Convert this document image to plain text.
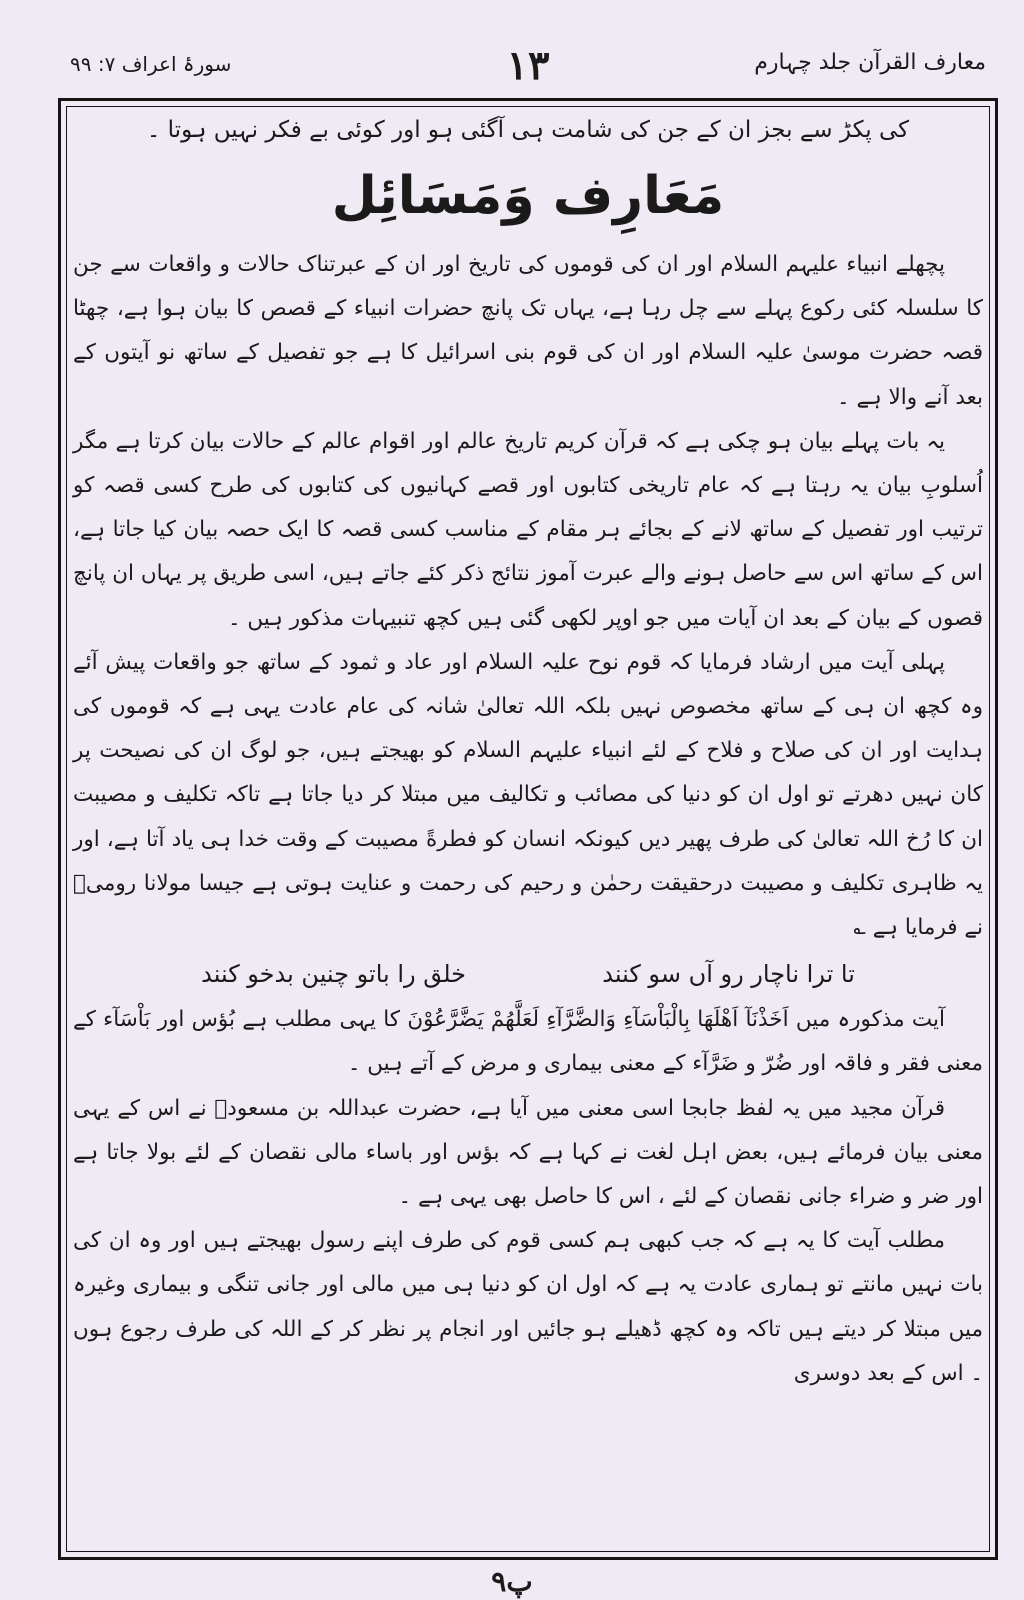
معارف القرآن جلد چہارم
۱۳
سورۂ اعراف ۷: ۹۹

کی پکڑ سے بجز ان کے جن کی شامت ہی آگئی ہو اور کوئی بے فکر نہیں ہوتا ۔

مَعَارِف وَمَسَائِل

پچھلے انبیاء علیہم السلام اور ان کی قوموں کی تاریخ اور ان کے عبرتناک حالات و واقعات سے جن کا سلسلہ کئی رکوع پہلے سے چل رہا ہے، یہاں تک پانچ حضرات انبیاء کے قصص کا بیان ہوا ہے، چھٹا قصہ حضرت موسیٰ علیہ السلام اور ان کی قوم بنی اسرائیل کا ہے جو تفصیل کے ساتھ نو آیتوں کے بعد آنے والا ہے ۔

یہ بات پہلے بیان ہو چکی ہے کہ قرآن کریم تاریخ عالم اور اقوام عالم کے حالات بیان کرتا ہے مگر اُسلوبِ بیان یہ رہتا ہے کہ عام تاریخی کتابوں اور قصے کہانیوں کی کتابوں کی طرح کسی قصہ کو ترتیب اور تفصیل کے ساتھ لانے کے بجائے ہر مقام کے مناسب کسی قصہ کا ایک حصہ بیان کیا جاتا ہے، اس کے ساتھ اس سے حاصل ہونے والے عبرت آموز نتائج ذکر کئے جاتے ہیں، اسی طریق پر یہاں ان پانچ قصوں کے بیان کے بعد ان آیات میں جو اوپر لکھی گئی ہیں کچھ تنبیہات مذکور ہیں ۔

پہلی آیت میں ارشاد فرمایا کہ قوم نوح علیہ السلام اور عاد و ثمود کے ساتھ جو واقعات پیش آئے وہ کچھ ان ہی کے ساتھ مخصوص نہیں بلکہ اللہ تعالیٰ شانہ کی عام عادت یہی ہے کہ قوموں کی ہدایت اور ان کی صلاح و فلاح کے لئے انبیاء علیہم السلام کو بھیجتے ہیں، جو لوگ ان کی نصیحت پر کان نہیں دھرتے تو اول ان کو دنیا کی مصائب و تکالیف میں مبتلا کر دیا جاتا ہے تاکہ تکلیف و مصیبت ان کا رُخ اللہ تعالیٰ کی طرف پھیر دیں کیونکہ انسان کو فطرةً مصیبت کے وقت خدا ہی یاد آتا ہے، اور یہ ظاہری تکلیف و مصیبت درحقیقت رحمٰن و رحیم کی رحمت و عنایت ہوتی ہے جیسا مولانا رومیؒ نے فرمایا ہے ؎

تا ترا ناچار رو آں سو کنند
خلق را باتو چنین بدخو کنند

آیت مذکورہ میں اَخَذْنَآ اَهْلَهَا بِالْبَاْسَآءِ وَالضَّرَّآءِ لَعَلَّهُمْ يَضَّرَّعُوْنَ کا یہی مطلب ہے بُؤس اور بَاْسَآء کے معنی فقر و فاقہ اور ضُرّ و ضَرَّآء کے معنی بیماری و مرض کے آتے ہیں ۔

قرآن مجید میں یہ لفظ جابجا اسی معنی میں آیا ہے، حضرت عبداللہ بن مسعودؓ نے اس کے یہی معنی بیان فرمائے ہیں، بعض اہل لغت نے کہا ہے کہ بؤس اور باساء مالی نقصان کے لئے بولا جاتا ہے اور ضر و ضراء جانی نقصان کے لئے ، اس کا حاصل بھی یہی ہے ۔

مطلب آیت کا یہ ہے کہ جب کبھی ہم کسی قوم کی طرف اپنے رسول بھیجتے ہیں اور وہ ان کی بات نہیں مانتے تو ہماری عادت یہ ہے کہ اول ان کو دنیا ہی میں مالی اور جانی تنگی و بیماری وغیرہ میں مبتلا کر دیتے ہیں تاکہ وہ کچھ ڈھیلے ہو جائیں اور انجام پر نظر کر کے اللہ کی طرف رجوع ہوں ۔ اس کے بعد دوسری

پ۹
